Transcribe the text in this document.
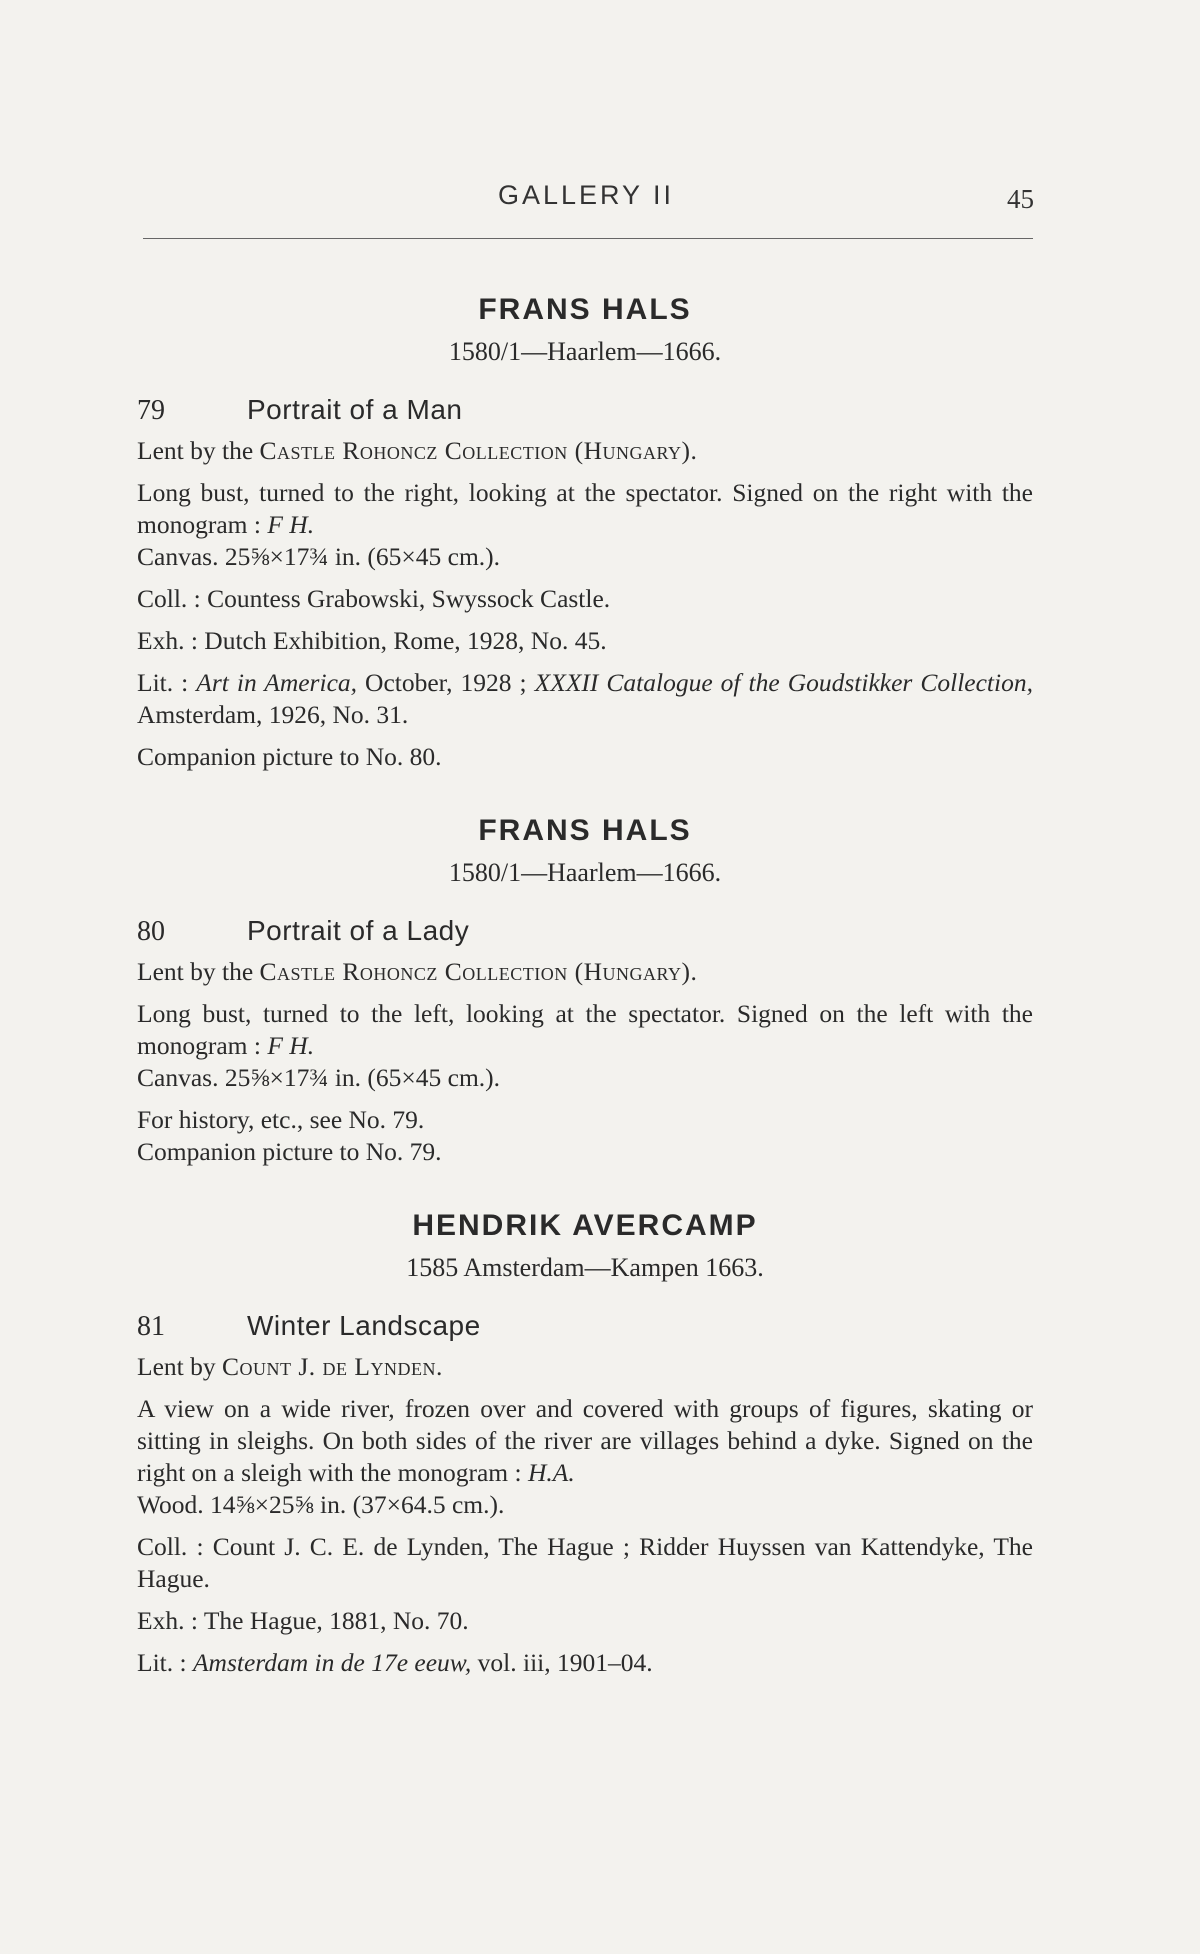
GALLERY II	45
FRANS HALS
1580/1—Haarlem—1666.
79	Portrait of a Man

Lent by the Castle Rohoncz Collection (Hungary).

Long bust, turned to the right, looking at the spectator. Signed on the right with the monogram : F H.

Canvas. 25⅝×17¾ in. (65×45 cm.).

Coll. : Countess Grabowski, Swyssock Castle.

Exh. : Dutch Exhibition, Rome, 1928, No. 45.

Lit. : Art in America, October, 1928 ; XXXII Catalogue of the Goudstikker Collection, Amsterdam, 1926, No. 31.

Companion picture to No. 80.

FRANS HALS
1580/1—Haarlem—1666.
80	Portrait of a Lady

Lent by the Castle Rohoncz Collection (Hungary).

Long bust, turned to the left, looking at the spectator. Signed on the left with the monogram : F H.

Canvas. 25⅝×17¾ in. (65×45 cm.).

For history, etc., see No. 79.

Companion picture to No. 79.

HENDRIK AVERCAMP
1585 Amsterdam—Kampen 1663.
81	Winter Landscape

Lent by Count J. de Lynden.

A view on a wide river, frozen over and covered with groups of figures, skating or sitting in sleighs. On both sides of the river are villages behind a dyke. Signed on the right on a sleigh with the monogram : H.A.

Wood. 14⅝×25⅝ in. (37×64.5 cm.).

Coll. : Count J. C. E. de Lynden, The Hague ; Ridder Huyssen van Kattendyke, The Hague.

Exh. : The Hague, 1881, No. 70.

Lit. : Amsterdam in de 17e eeuw, vol. iii, 1901–04.
